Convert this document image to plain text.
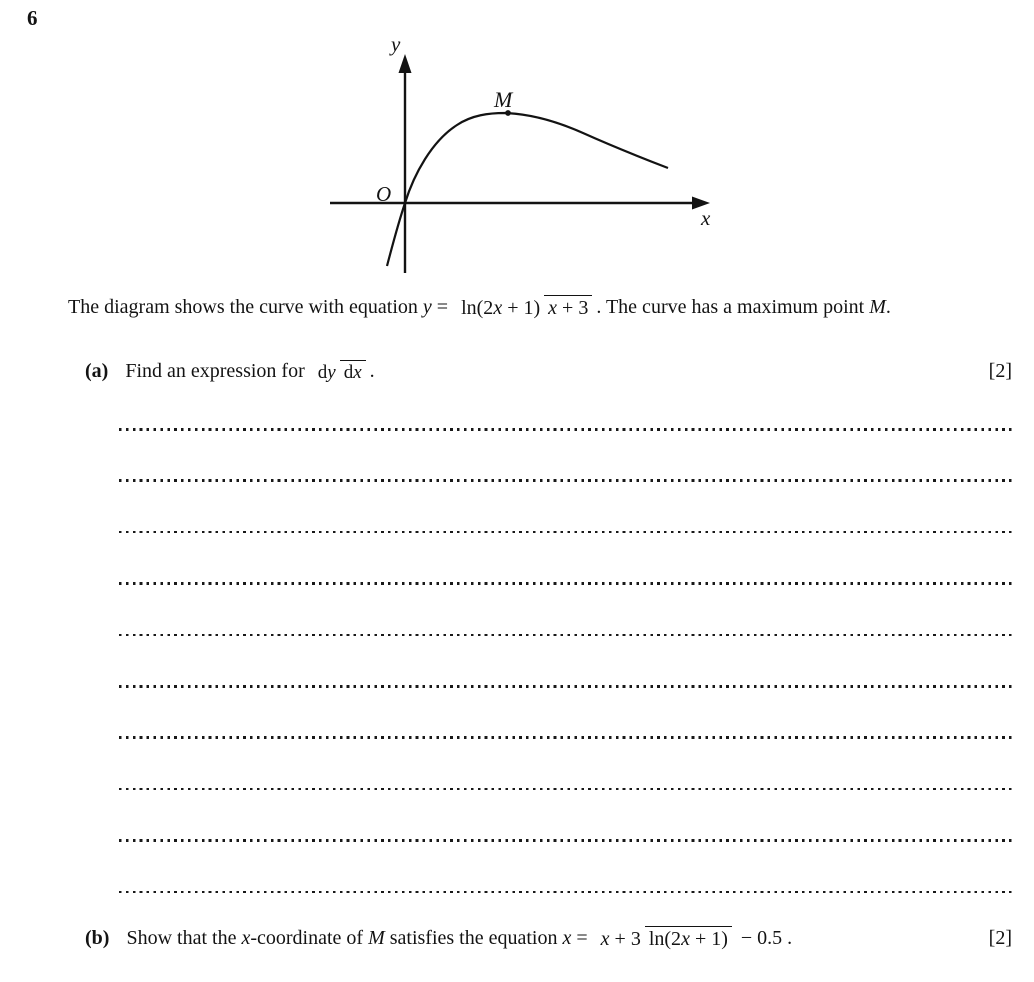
6
y
x
O
M
The diagram shows the curve with equation y = ln(2x + 1) x + 3 . The curve has a maximum point M.
(a) Find an expression for dy dx .	[2]
(b) Show that the x-coordinate of M satisfies the equation x = x + 3 ln(2x + 1) − 0.5 .	[2]
